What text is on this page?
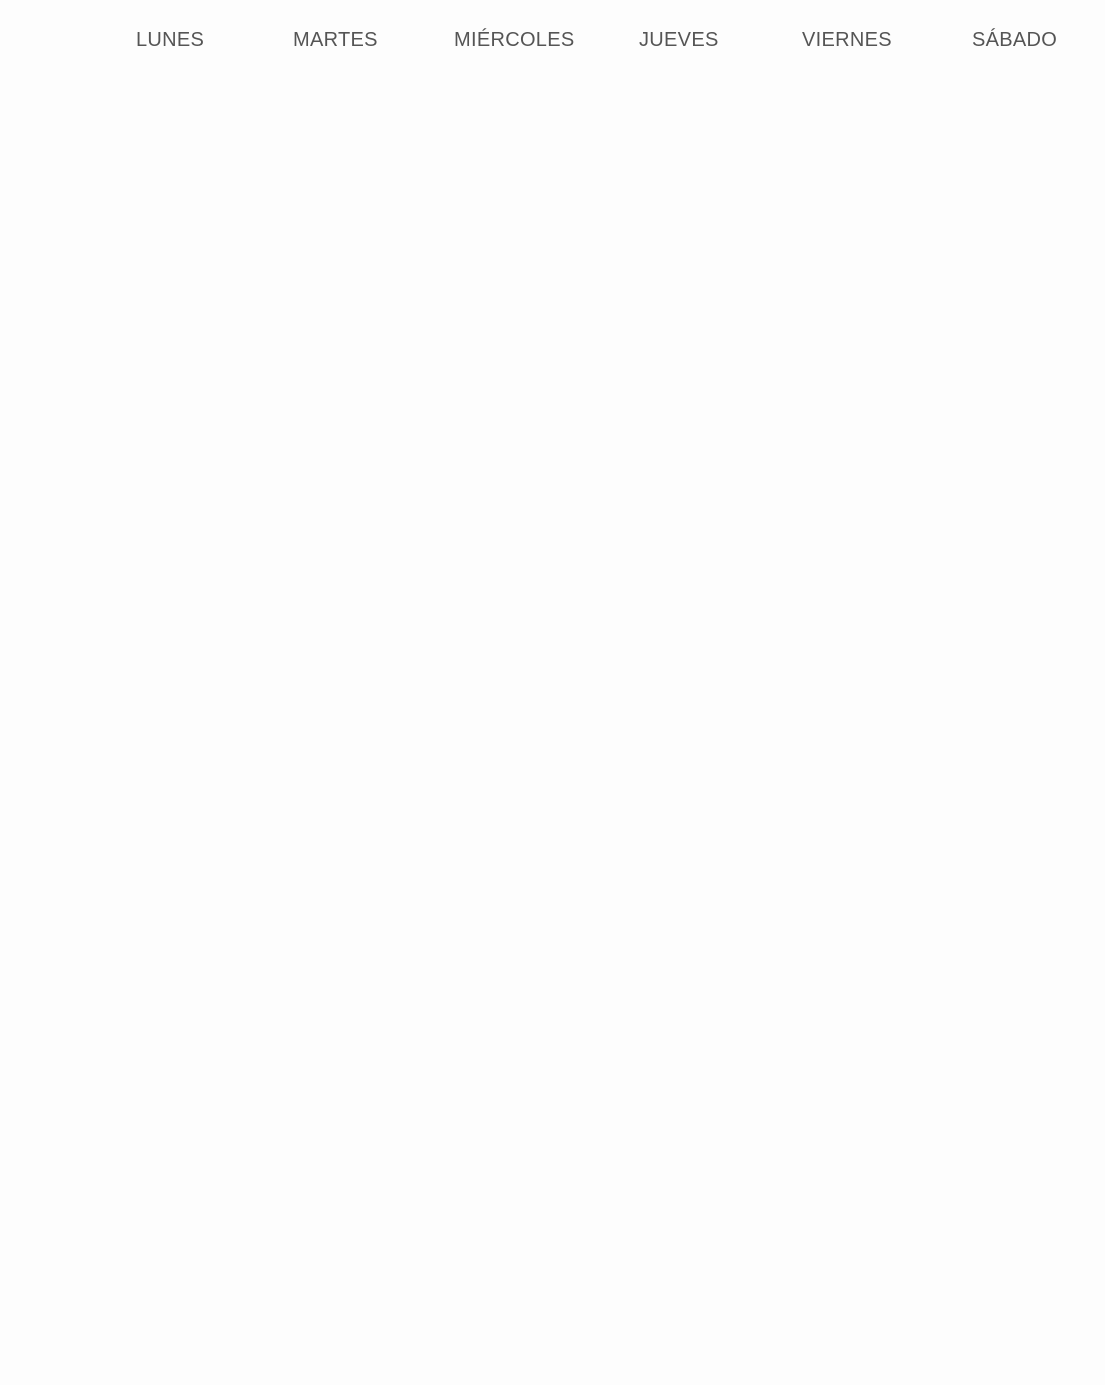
LUNES	MARTES	MIÉRCOLES	JUEVES	VIERNES	SÁBADO
